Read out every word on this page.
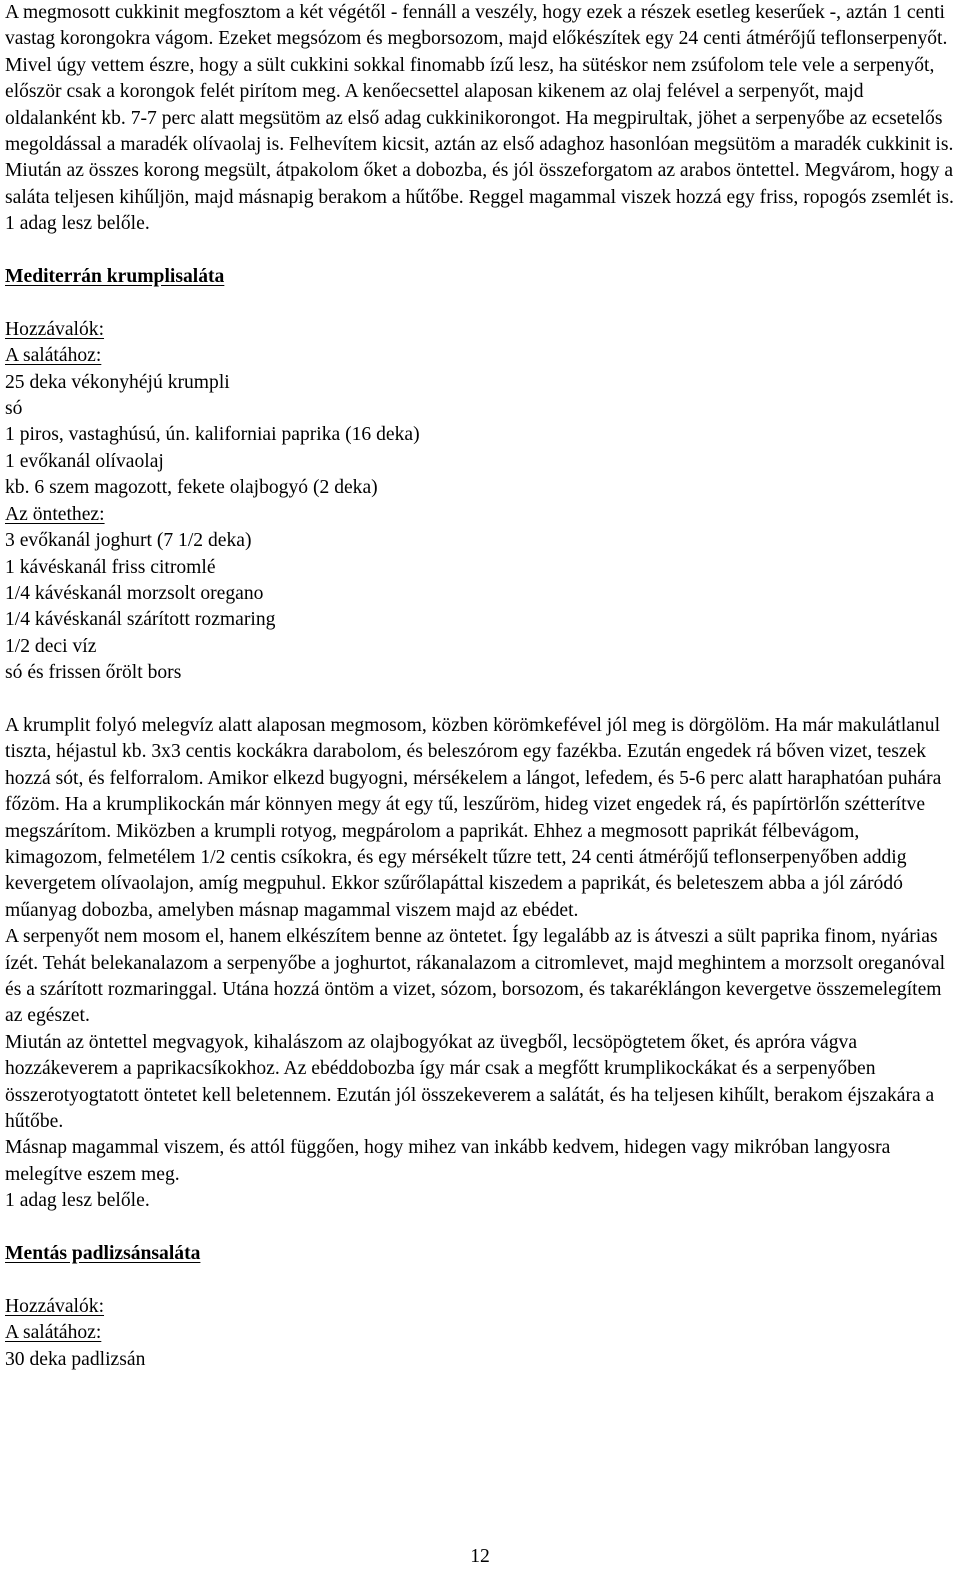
A megmosott cukkinit megfosztom a két végétől - fennáll a veszély, hogy ezek a részek esetleg keserűek -, aztán 1 centi vastag korongokra vágom. Ezeket megsózom és megborsozom, majd előkészítek egy 24 centi átmérőjű teflonserpenyőt.

Mivel úgy vettem észre, hogy a sült cukkini sokkal finomabb ízű lesz, ha sütéskor nem zsúfolom tele vele a serpenyőt, először csak a korongok felét pirítom meg. A kenőecsettel alaposan kikenem az olaj felével a serpenyőt, majd oldalanként kb. 7-7 perc alatt megsütöm az első adag cukkinikorongot. Ha megpirultak, jöhet a serpenyőbe az ecsetelős megoldással a maradék olívaolaj is. Felhevítem kicsit, aztán az első adaghoz hasonlóan megsütöm a maradék cukkinit is. Miután az összes korong megsült, átpakolom őket a dobozba, és jól összeforgatom az arabos öntettel. Megvárom, hogy a saláta teljesen kihűljön, majd másnapig berakom a hűtőbe. Reggel magammal viszek hozzá egy friss, ropogós zsemlét is.

1 adag lesz belőle.

Mediterrán krumplisaláta

Hozzávalók:

A salátához:

25 deka vékonyhéjú krumpli

só

1 piros, vastaghúsú, ún. kaliforniai paprika (16 deka)

1 evőkanál olívaolaj

kb. 6 szem magozott, fekete olajbogyó (2 deka)

Az öntethez:

3 evőkanál joghurt (7 1/2 deka)

1 kávéskanál friss citromlé

1/4 kávéskanál morzsolt oregano

1/4 kávéskanál szárított rozmaring

1/2 deci víz

só és frissen őrölt bors

A krumplit folyó melegvíz alatt alaposan megmosom, közben körömkefével jól meg is dörgölöm. Ha már makulátlanul tiszta, héjastul kb. 3x3 centis kockákra darabolom, és beleszórom egy fazékba. Ezután engedek rá bőven vizet, teszek hozzá sót, és felforralom. Amikor elkezd bugyogni, mérsékelem a lángot, lefedem, és 5-6 perc alatt haraphatóan puhára főzöm. Ha a krumplikockán már könnyen megy át egy tű, leszűröm, hideg vizet engedek rá, és papírtörlőn szétterítve megszárítom. Miközben a krumpli rotyog, megpárolom a paprikát. Ehhez a megmosott paprikát félbevágom, kimagozom, felmetélem 1/2 centis csíkokra, és egy mérsékelt tűzre tett, 24 centi átmérőjű teflonserpenyőben addig kevergetem olívaolajon, amíg megpuhul. Ekkor szűrőlapáttal kiszedem a paprikát, és beleteszem abba a jól záródó műanyag dobozba, amelyben másnap magammal viszem majd az ebédet.

A serpenyőt nem mosom el, hanem elkészítem benne az öntetet. Így legalább az is átveszi a sült paprika finom, nyárias ízét. Tehát belekanalazom a serpenyőbe a joghurtot, rákanalazom a citromlevet, majd meghintem a morzsolt oreganóval és a szárított rozmaringgal. Utána hozzá öntöm a vizet, sózom, borsozom, és takaréklángon kevergetve összemelegítem az egészet.

Miután az öntettel megvagyok, kihalászom az olajbogyókat az üvegből, lecsöpögtetem őket, és apróra vágva hozzákeverem a paprikacsíkokhoz. Az ebéddobozba így már csak a megfőtt krumplikockákat és a serpenyőben összerotyogtatott öntetet kell beletennem. Ezután jól összekeverem a salátát, és ha teljesen kihűlt, berakom éjszakára a hűtőbe.

Másnap magammal viszem, és attól függően, hogy mihez van inkább kedvem, hidegen vagy mikróban langyosra melegítve eszem meg.

1 adag lesz belőle.

Mentás padlizsánsaláta

Hozzávalók:

A salátához:

30 deka padlizsán

12
